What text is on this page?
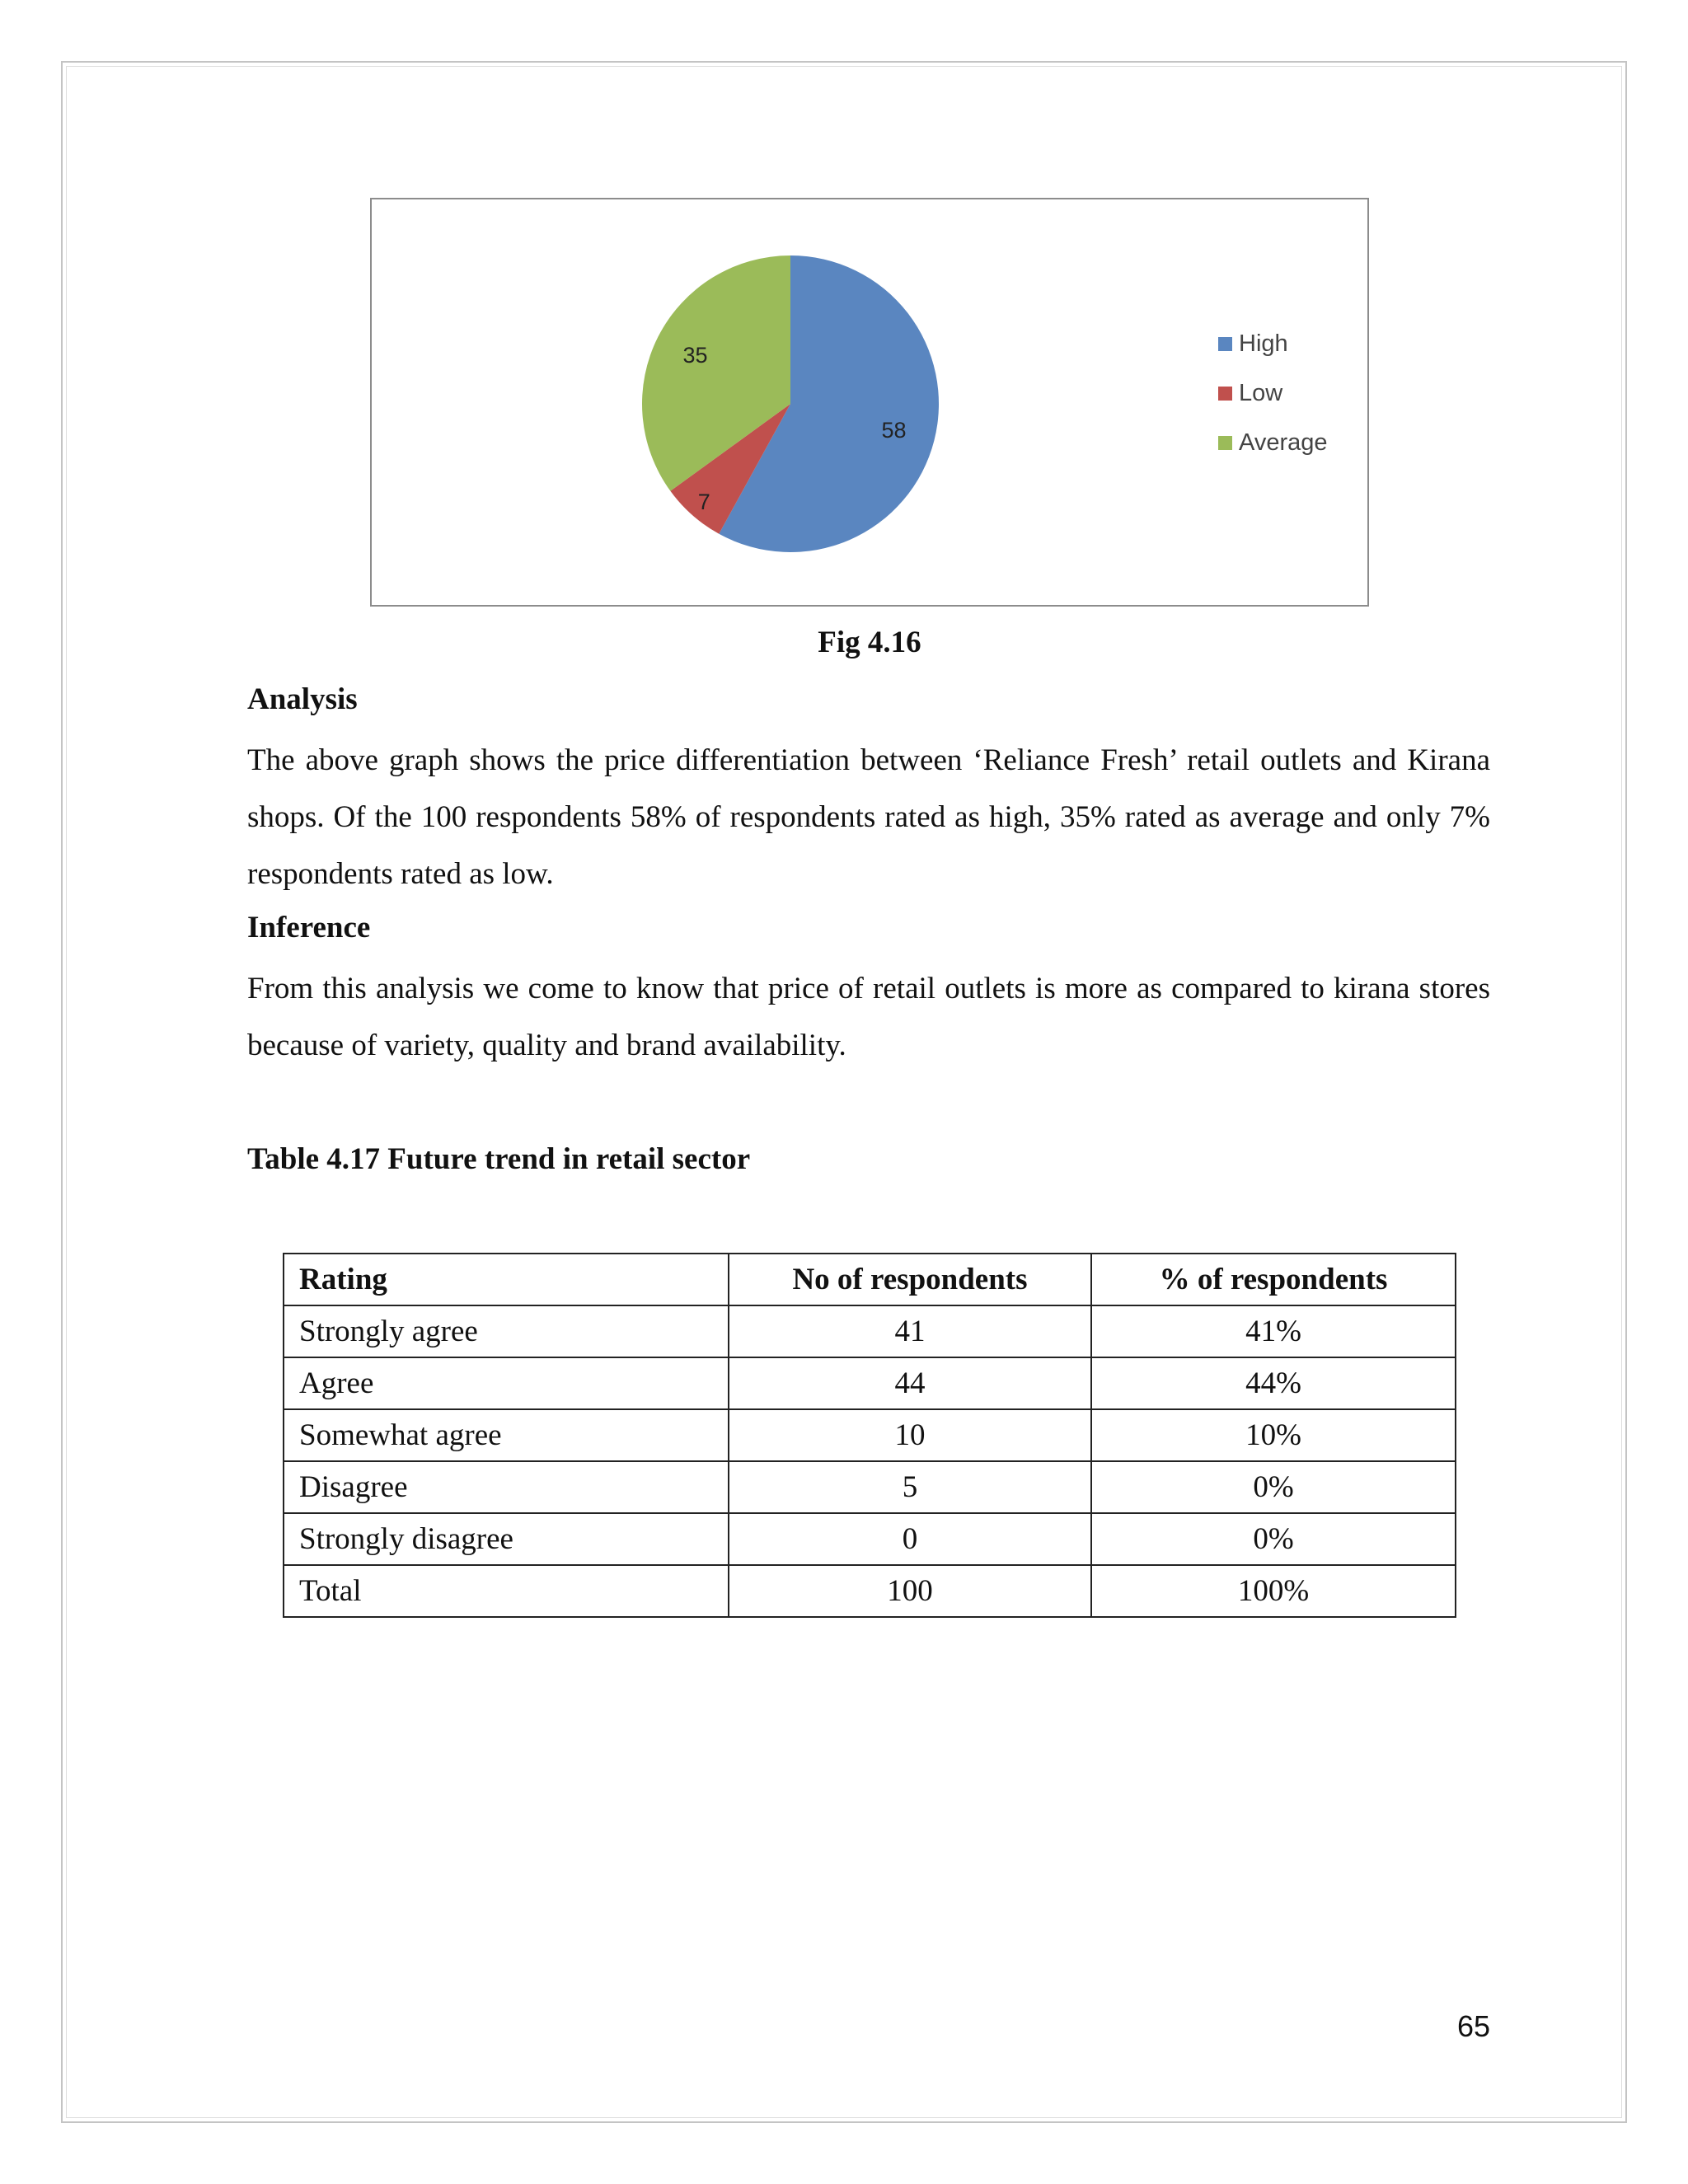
58
7
35	High
Low
Average
Fig 4.16
Analysis
The above graph shows the price differentiation between ‘Reliance Fresh’ retail outlets and Kirana shops. Of the 100 respondents 58% of respondents rated as high, 35% rated as average and only 7% respondents rated as low.
Inference
From this analysis we come to know that price of retail outlets is more as compared to kirana stores because of variety, quality and brand availability.
Table 4.17 Future trend in retail sector
Rating	No of respondents	% of respondents
Strongly agree	41	41%
Agree	44	44%
Somewhat agree	10	10%
Disagree	5	0%
Strongly disagree	0	0%
Total	100	100%
65
